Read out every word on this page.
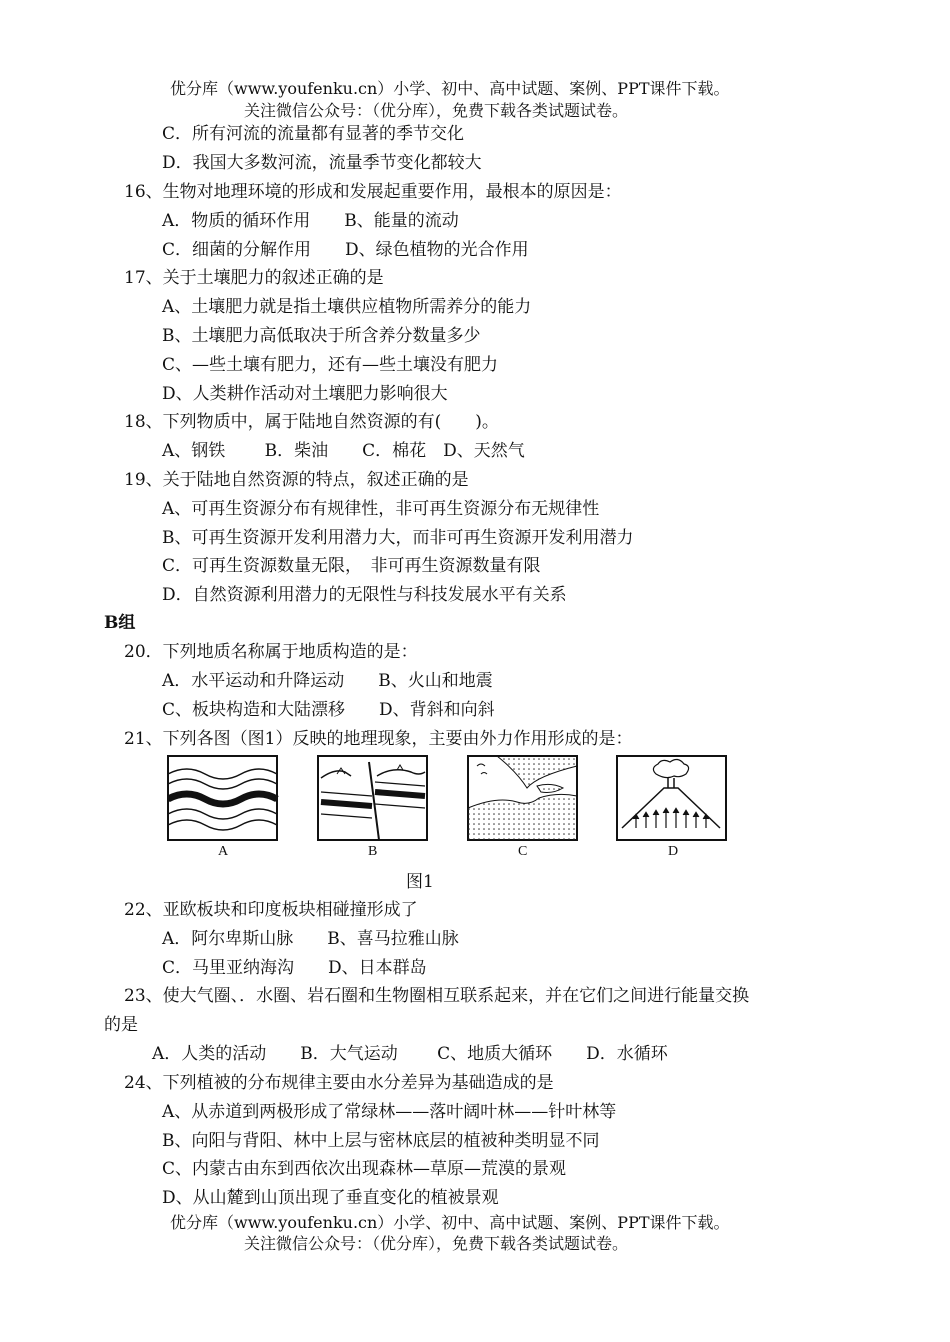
优分库（www.youfenku.cn）小学、初中、高中试题、案例、PPT课件下载。
关注微信公众号：（优分库），免费下载各类试题试卷。
C．所有河流的流量都有显著的季节交化
D．我国大多数河流，流量季节变化都较大
16、生物对地理环境的形成和发展起重要作用，最根本的原因是：
A．物质的循环作用　　B、能量的流动
C．细菌的分解作用　　D、绿色植物的光合作用
17、关于土壤肥力的叙述正确的是
A、土壤肥力就是指土壤供应植物所需养分的能力
B、土壤肥力高低取决于所含养分数量多少
C、—些土壤有肥力，还有—些土壤没有肥力
D、人类耕作活动对土壤肥力影响很大
18、下列物质中，属于陆地自然资源的有(　　)。
A、钢铁　　 B．柴油　　C．棉花　D、天然气
19、关于陆地自然资源的特点，叙述正确的是
A、可再生资源分布有规律性，非可再生资源分布无规律性
B、可再生资源开发利用潜力大，而非可再生资源开发利用潜力
C．可再生资源数量无限，　非可再生资源数量有限
D．自然资源利用潜力的无限性与科技发展水平有关系
B组
20．下列地质名称属于地质构造的是：
A．水平运动和升降运动　　B、火山和地震
C、板块构造和大陆漂移　　D、背斜和向斜
21、下列各图（图1）反映的地理现象，主要由外力作用形成的是：
A	B	C	D
图1
22、亚欧板块和印度板块相碰撞形成了
A．阿尔卑斯山脉　　B、喜马拉雅山脉
C．马里亚纳海沟　　D、日本群岛
23、使大气圈、．水圈、岩石圈和生物圈相互联系起来，并在它们之间进行能量交换
的是
A．人类的活动　　B．大气运动　　 C、地质大循环　　D．水循环
24、下列植被的分布规律主要由水分差异为基础造成的是
A、从赤道到两极形成了常绿林——落叶阔叶林——针叶林等
B、向阳与背阳、林中上层与密林底层的植被种类明显不同
C、内蒙古由东到西依次出现森林—草原—荒漠的景观
D、从山麓到山顶出现了垂直变化的植被景观
优分库（www.youfenku.cn）小学、初中、高中试题、案例、PPT课件下载。
关注微信公众号：（优分库），免费下载各类试题试卷。
